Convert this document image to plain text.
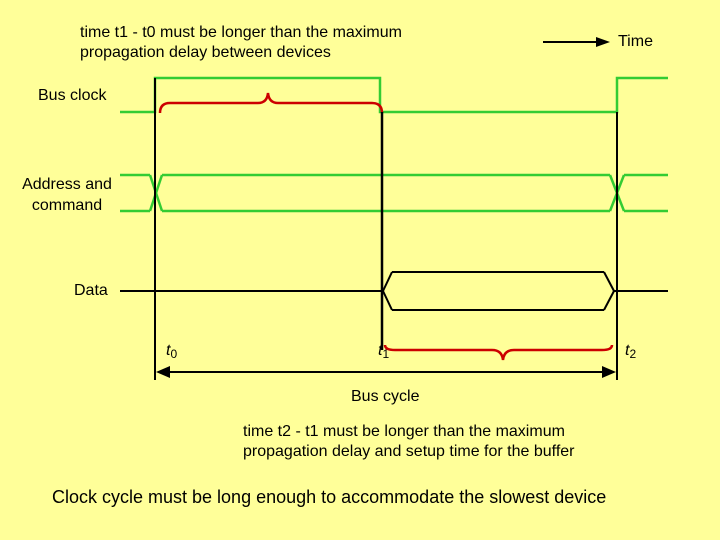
time t1 - t0 must be longer than the maximum
propagation delay between devices
Time
Bus clock
Address and
command
Data
t0	t1	t2
Bus cycle
time t2 - t1 must be longer than the maximum
propagation delay and setup time for the buffer
Clock cycle must be long enough to accommodate the slowest device
